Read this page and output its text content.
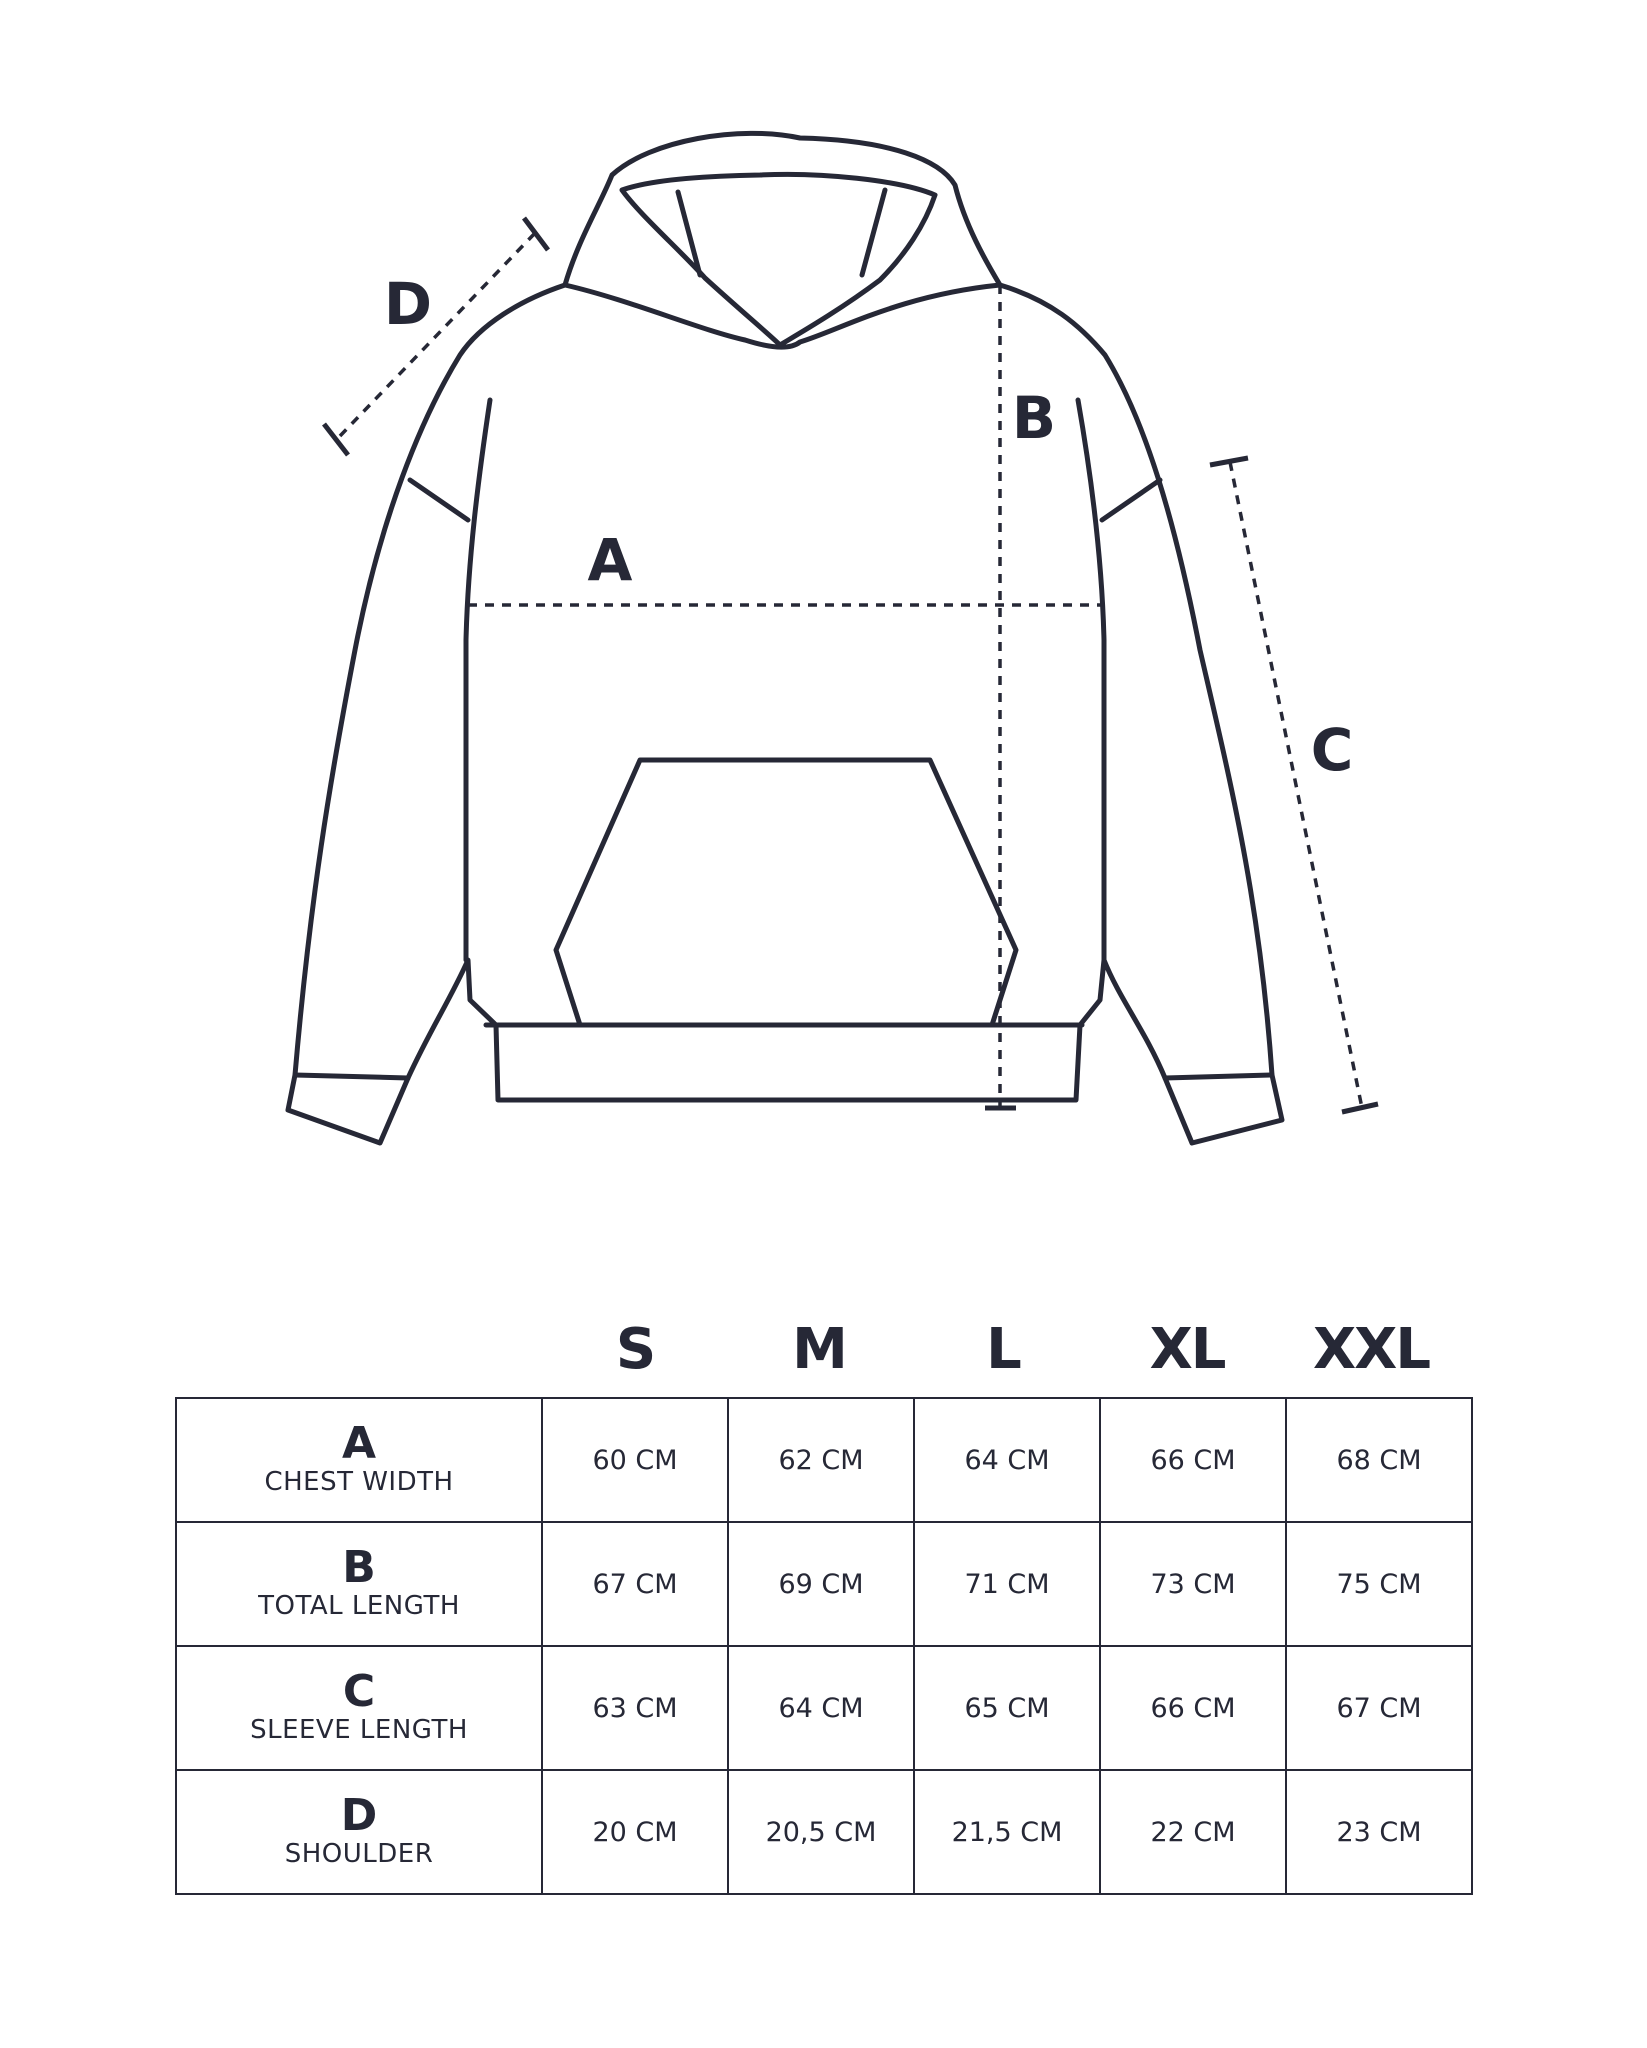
A
B
C
D
S	M	L	XL	XXL
A
CHEST WIDTH	60 CM	62 CM	64 CM	66 CM	68 CM

B
TOTAL LENGTH	67 CM	69 CM	71 CM	73 CM	75 CM

C
SLEEVE LENGTH	63 CM	64 CM	65 CM	66 CM	67 CM

D
SHOULDER	20 CM	20,5 CM	21,5 CM	22 CM	23 CM
